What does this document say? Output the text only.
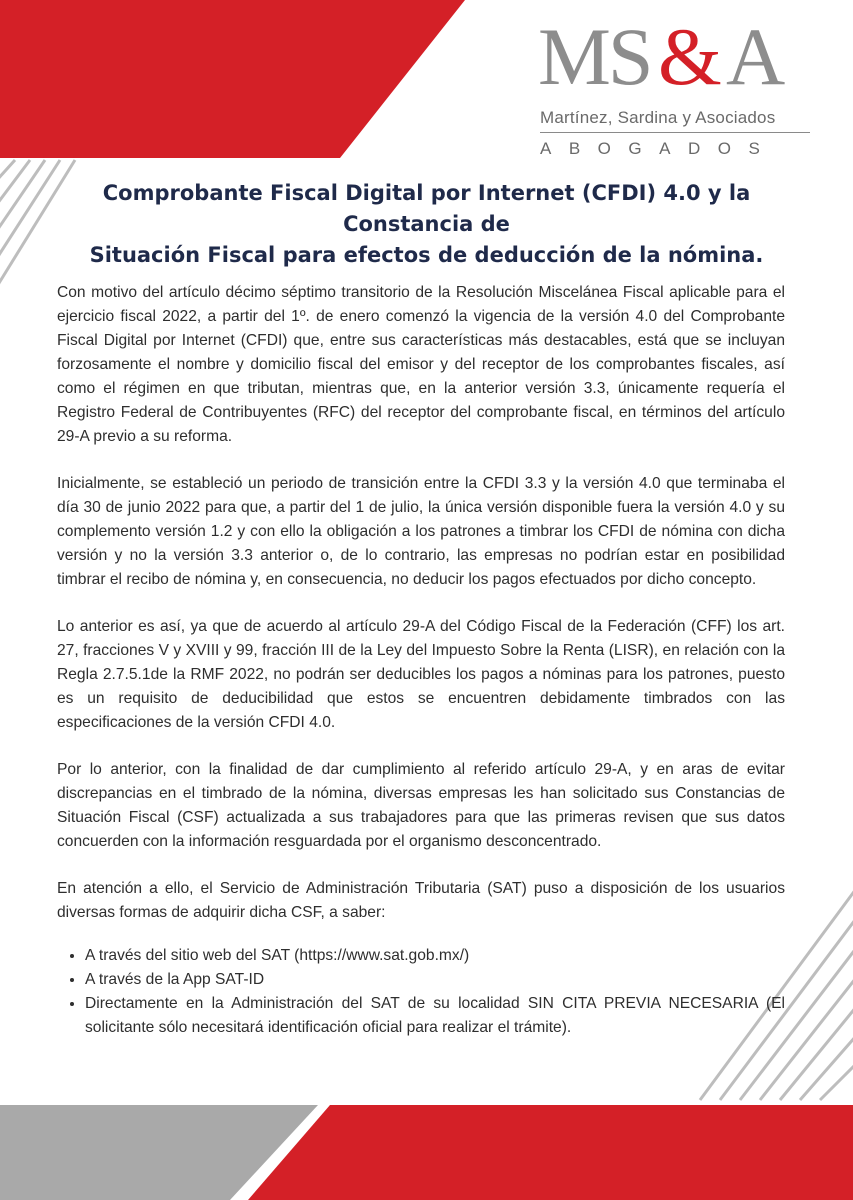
MS & A
Martínez, Sardina y Asociados
ABOGADOS
Comprobante Fiscal Digital por Internet (CFDI) 4.0 y la
Constancia de
Situación Fiscal para efectos de deducción de la nómina.

Con motivo del artículo décimo séptimo transitorio de la Resolución Miscelánea Fiscal aplicable para el ejercicio fiscal 2022, a partir del 1º. de enero comenzó la vigencia de la versión 4.0 del Comprobante Fiscal Digital por Internet (CFDI) que, entre sus características más destacables, está que se incluyan forzosamente el nombre y domicilio fiscal del emisor y del receptor de los comprobantes fiscales, así como el régimen en que tributan, mientras que, en la anterior versión 3.3, únicamente requería el Registro Federal de Contribuyentes (RFC) del receptor del comprobante fiscal, en términos del artículo 29-A previo a su reforma.

Inicialmente, se estableció un periodo de transición entre la CFDI 3.3 y la versión 4.0 que terminaba el día 30 de junio 2022 para que, a partir del 1 de julio, la única versión disponible fuera la versión 4.0 y su complemento versión 1.2 y con ello la obligación a los patrones a timbrar los CFDI de nómina con dicha versión y no la versión 3.3 anterior o, de lo contrario, las empresas no podrían estar en posibilidad timbrar el recibo de nómina y, en consecuencia, no deducir los pagos efectuados por dicho concepto.

Lo anterior es así, ya que de acuerdo al artículo 29-A del Código Fiscal de la Federación (CFF) los art. 27, fracciones V y XVIII y 99, fracción III de la Ley del Impuesto Sobre la Renta (LISR), en relación con la Regla 2.7.5.1de la RMF 2022, no podrán ser deducibles los pagos a nóminas para los patrones, puesto es un requisito de deducibilidad que estos se encuentren debidamente timbrados con las especificaciones de la versión CFDI 4.0.

Por lo anterior, con la finalidad de dar cumplimiento al referido artículo 29-A, y en aras de evitar discrepancias en el timbrado de la nómina, diversas empresas les han solicitado sus Constancias de Situación Fiscal (CSF) actualizada a sus trabajadores para que las primeras revisen que sus datos concuerden con la información resguardada por el organismo desconcentrado.

En atención a ello, el Servicio de Administración Tributaria (SAT) puso a disposición de los usuarios diversas formas de adquirir dicha CSF, a saber:

• A través del sitio web del SAT (https://www.sat.gob.mx/)
• A través de la App SAT-ID
• Directamente en la Administración del SAT de su localidad SIN CITA PREVIA NECESARIA (El solicitante sólo necesitará identificación oficial para realizar el trámite).
